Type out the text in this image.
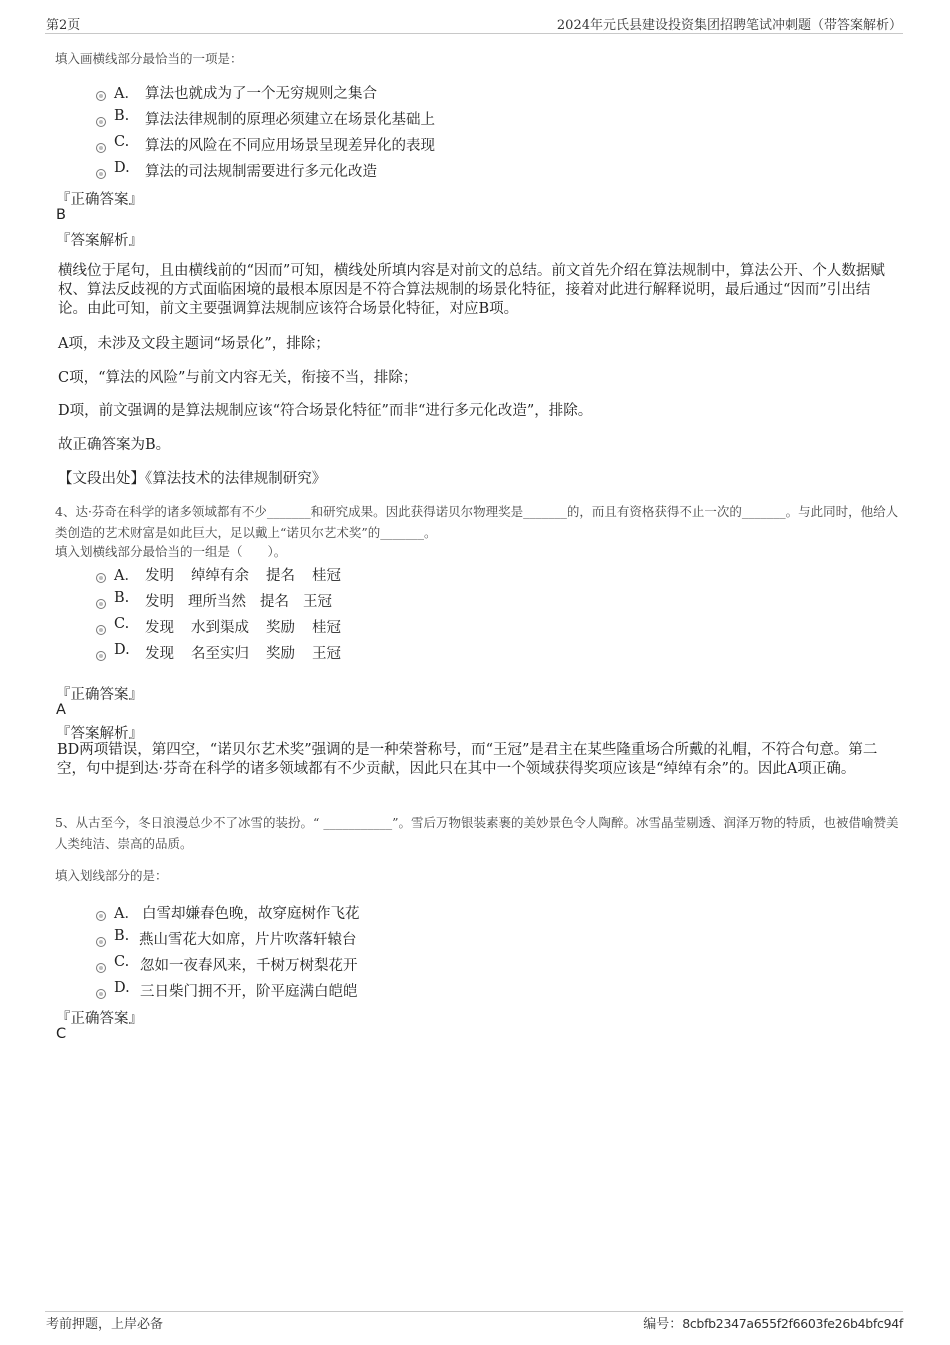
第2页	2024年元氏县建设投资集团招聘笔试冲刺题（带答案解析）
填入画横线部分最恰当的一项是：
A． 算法也就成为了一个无穷规则之集合
B. 算法法律规制的原理必须建立在场景化基础上
C. 算法的风险在不同应用场景呈现差异化的表现
D. 算法的司法规制需要进行多元化改造
『正确答案』
B
『答案解析』
横线位于尾句，且由横线前的“因而”可知，横线处所填内容是对前文的总结。前文首先介绍在算法规制中，算法公开、个人数据赋权、算法反歧视的方式面临困境的最根本原因是不符合算法规制的场景化特征，接着对此进行解释说明，最后通过“因而”引出结论。由此可知，前文主要强调算法规制应该符合场景化特征，对应B项。
A项，未涉及文段主题词“场景化”，排除；
C项，“算法的风险”与前文内容无关，衔接不当，排除；
D项，前文强调的是算法规制应该“符合场景化特征”而非“进行多元化改造”，排除。
故正确答案为B。
【文段出处】《算法技术的法律规制研究》
4、达·芬奇在科学的诸多领域都有不少_______和研究成果。因此获得诺贝尔物理奖是_______的，而且有资格获得不止一次的_______。与此同时，他给人类创造的艺术财富是如此巨大，足以戴上“诺贝尔艺术奖”的_______。
填入划横线部分最恰当的一组是（　　）。
A． 发明 绰绰有余 提名 桂冠
B. 发明 理所当然 提名 王冠
C. 发现 水到渠成 奖励 桂冠
D. 发现 名至实归 奖励 王冠
『正确答案』
A
『答案解析』
BD两项错误，第四空，“诺贝尔艺术奖”强调的是一种荣誉称号，而“王冠”是君主在某些隆重场合所戴的礼帽，不符合句意。第二空，句中提到达·芬奇在科学的诸多领域都有不少贡献，因此只在其中一个领域获得奖项应该是“绰绰有余”的。因此A项正确。
5、从古至今，冬日浪漫总少不了冰雪的装扮。“ ___________”。雪后万物银装素裹的美妙景色令人陶醉。冰雪晶莹剔透、润泽万物的特质，也被借喻赞美人类纯洁、崇高的品质。
填入划线部分的是：
A． 白雪却嫌春色晚，故穿庭树作飞花
B. 燕山雪花大如席，片片吹落轩辕台
C. 忽如一夜春风来，千树万树梨花开
D. 三日柴门拥不开，阶平庭满白皑皑
『正确答案』
C
考前押题，上岸必备	编号：8cbfb2347a655f2f6603fe26b4bfc94f
